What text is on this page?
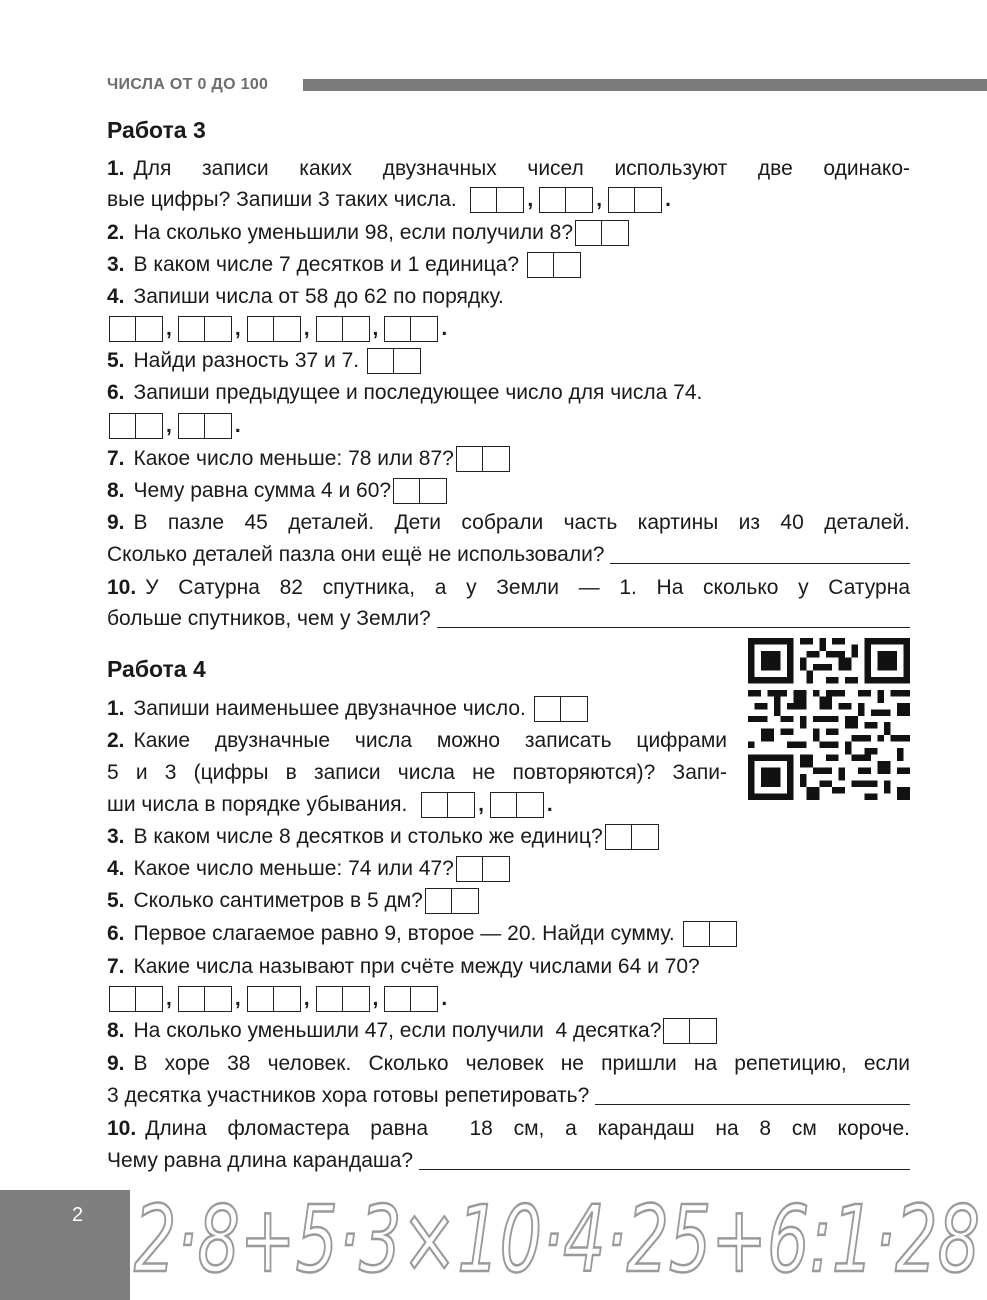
ЧИСЛА ОТ 0 ДО 100
Работа 3
1. Для записи каких двузначных чисел используют две одинако-
вые цифры? Запиши 3 таких числа.
	,	,	.
2. На сколько уменьшили 98, если получили 8?
3. В каком числе 7 десятков и 1 единица?

4. Запиши числа от 58 до 62 по порядку.
,	,	,	,	.
5. Найди разность 37 и 7.

6. Запиши предыдущее и последующее число для числа 74.
,	.
7. Какое число меньше: 78 или 87?
8. Чему равна сумма 4 и 60?
9. В пазле 45 деталей. Дети собрали часть картины из 40 деталей.
Сколько деталей пазла они ещё не использовали?
10. У Сатурна 82 спутника, а у Земли — 1. На сколько у Сатурна
больше спутников, чем у Земли?
Работа 4
1. Запиши наименьшее двузначное число.

2. Какие двузначные числа можно записать цифрами
5 и 3 (цифры в записи числа не повторяются)? Запи-
ши числа в порядке убывания.
	,	.
3. В каком числе 8 десятков и столько же единиц?
4. Какое число меньше: 74 или 47?
5. Сколько сантиметров в 5 дм?
6. Первое слагаемое равно 9, второе — 20. Найди сумму.

7. Какие числа называют при счёте между числами 64 и 70?
,	,	,	,	.
8. На сколько уменьшили 47, если получили  4 десятка?
9. В хоре 38 человек. Сколько человек не пришли на репетицию, если
3 десятка участников хора готовы репетировать?
10. Длина фломастера равна  18 см, а карандаш на 8 см короче.
Чему равна длина карандаша?
2 2·8+5·3×10·4·25+6:1·28
